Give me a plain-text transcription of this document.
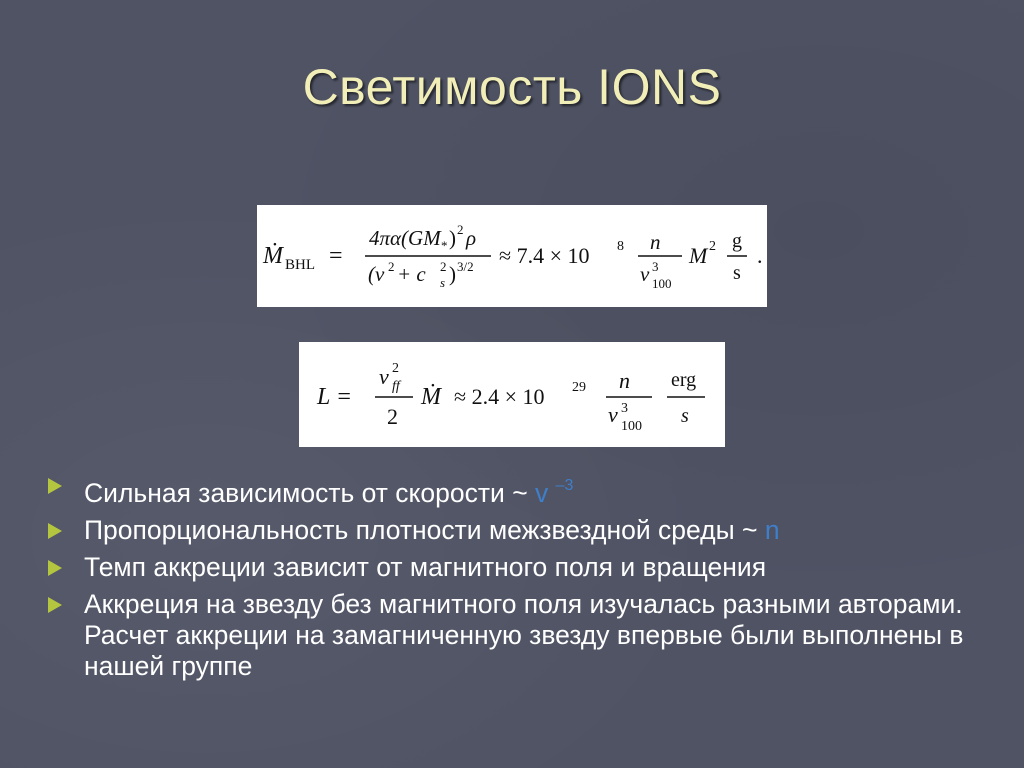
Светимость IONS
Ṁ BHL =
4πα(GM * ) 2 ρ
(v 2 + c s
2 ) 3/2 ≈ 7.4 × 10 8 n
v 3
100
M 2 g
s
.
L =
v 2
ff
2
Ṁ ≈ 2.4 × 10 29 n
v 3
100
erg
s
Сильная зависимость от скорости ~ v $^{-3}$
Пропорциональность плотности межзвездной среды ~ n
Темп аккреции зависит от магнитного поля и вращения
Аккреция на звезду без магнитного поля изучалась разными авторами. Расчет аккреции на замагниченную звезду впервые были выполнены в нашей группе
